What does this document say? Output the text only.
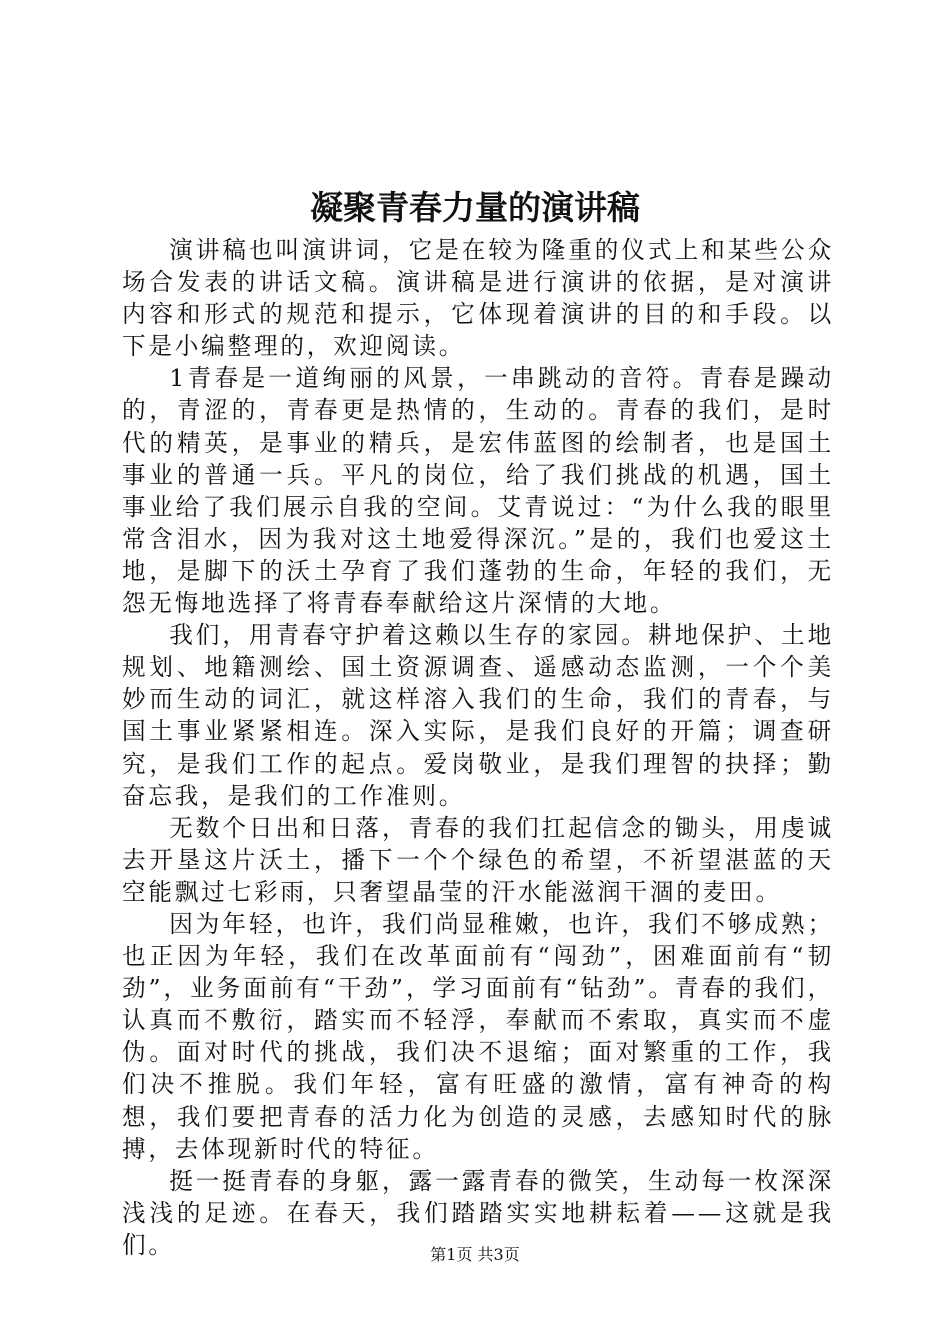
凝聚青春力量的演讲稿

演讲稿也叫演讲词，它是在较为隆重的仪式上和某些公众场合发表的讲话文稿。演讲稿是进行演讲的依据，是对演讲内容和形式的规范和提示，它体现着演讲的目的和手段。以下是小编整理的，欢迎阅读。

1青春是一道绚丽的风景，一串跳动的音符。青春是躁动的，青涩的，青春更是热情的，生动的。青春的我们，是时代的精英，是事业的精兵，是宏伟蓝图的绘制者，也是国土事业的普通一兵。平凡的岗位，给了我们挑战的机遇，国土事业给了我们展示自我的空间。艾青说过：“为什么我的眼里常含泪水，因为我对这土地爱得深沉。”是的，我们也爱这土地，是脚下的沃土孕育了我们蓬勃的生命，年轻的我们，无怨无悔地选择了将青春奉献给这片深情的大地。

我们，用青春守护着这赖以生存的家园。耕地保护、土地规划、地籍测绘、国土资源调查、遥感动态监测，一个个美妙而生动的词汇，就这样溶入我们的生命，我们的青春，与国土事业紧紧相连。深入实际，是我们良好的开篇；调查研究，是我们工作的起点。爱岗敬业，是我们理智的抉择；勤奋忘我，是我们的工作准则。

无数个日出和日落，青春的我们扛起信念的锄头，用虔诚去开垦这片沃土，播下一个个绿色的希望，不祈望湛蓝的天空能飘过七彩雨，只奢望晶莹的汗水能滋润干涸的麦田。

因为年轻，也许，我们尚显稚嫩，也许，我们不够成熟；也正因为年轻，我们在改革面前有“闯劲”，困难面前有“韧劲”，业务面前有“干劲”，学习面前有“钻劲”。青春的我们，认真而不敷衍，踏实而不轻浮，奉献而不索取，真实而不虚伪。面对时代的挑战，我们决不退缩；面对繁重的工作，我们决不推脱。我们年轻，富有旺盛的激情，富有神奇的构想，我们要把青春的活力化为创造的灵感，去感知时代的脉搏，去体现新时代的特征。

挺一挺青春的身躯，露一露青春的微笑，生动每一枚深深浅浅的足迹。在春天，我们踏踏实实地耕耘着——这就是我们。	第1页 共3页
